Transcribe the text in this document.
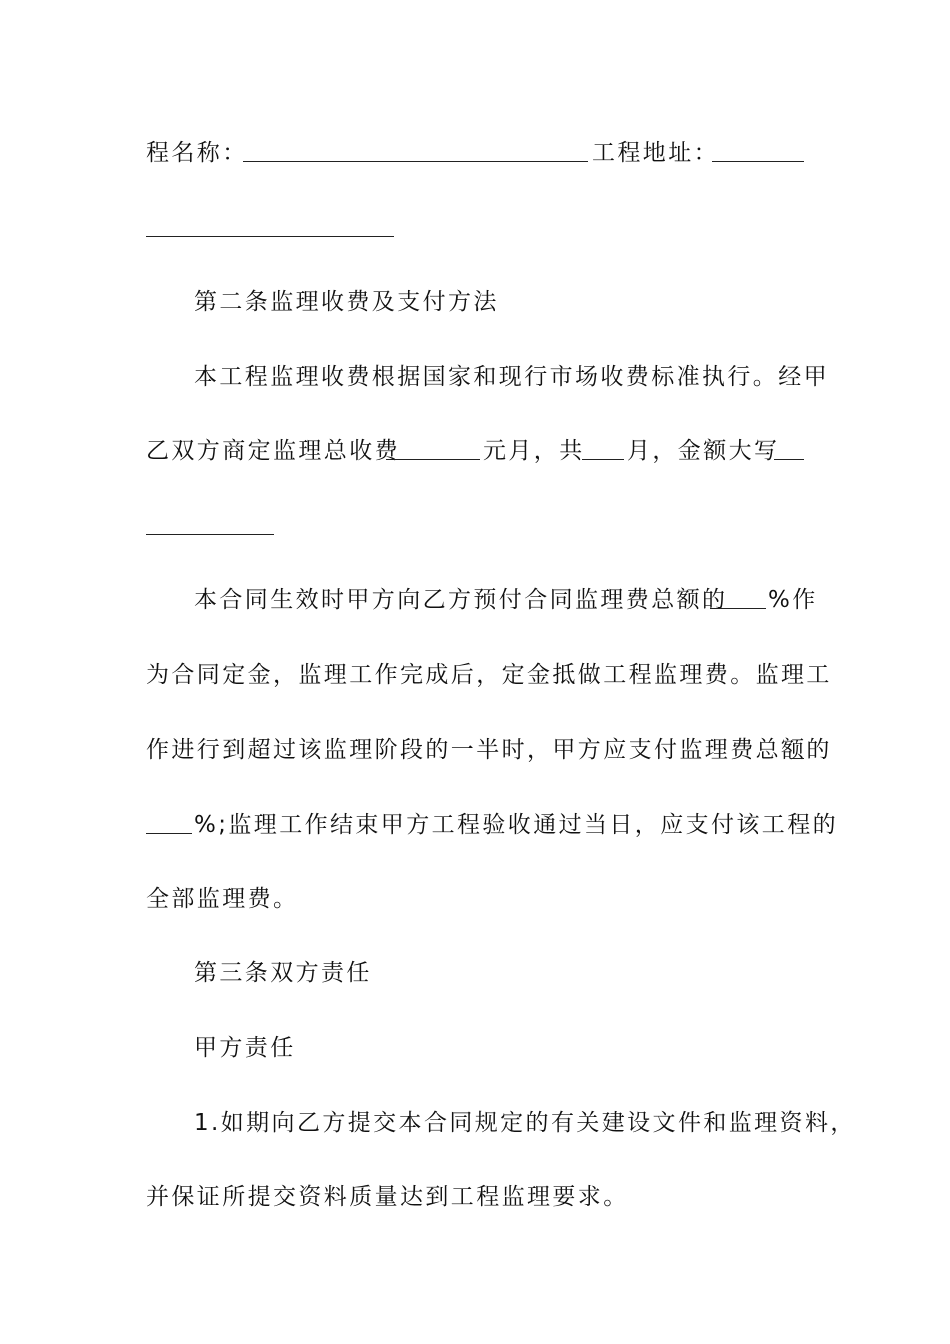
程名称：	工程地址：
第二条监理收费及支付方法
本工程监理收费根据国家和现行市场收费标准执行。经甲
乙双方商定监理总收费	元月，共 月，金额大写
本合同生效时甲方向乙方预付合同监理费总额的 %作
为合同定金，监理工作完成后，定金抵做工程监理费。监理工
作进行到超过该监理阶段的一半时，甲方应支付监理费总额的
%;监理工作结束甲方工程验收通过当日，应支付该工程的
全部监理费。
第三条双方责任
甲方责任
1.如期向乙方提交本合同规定的有关建设文件和监理资料，
并保证所提交资料质量达到工程监理要求。
